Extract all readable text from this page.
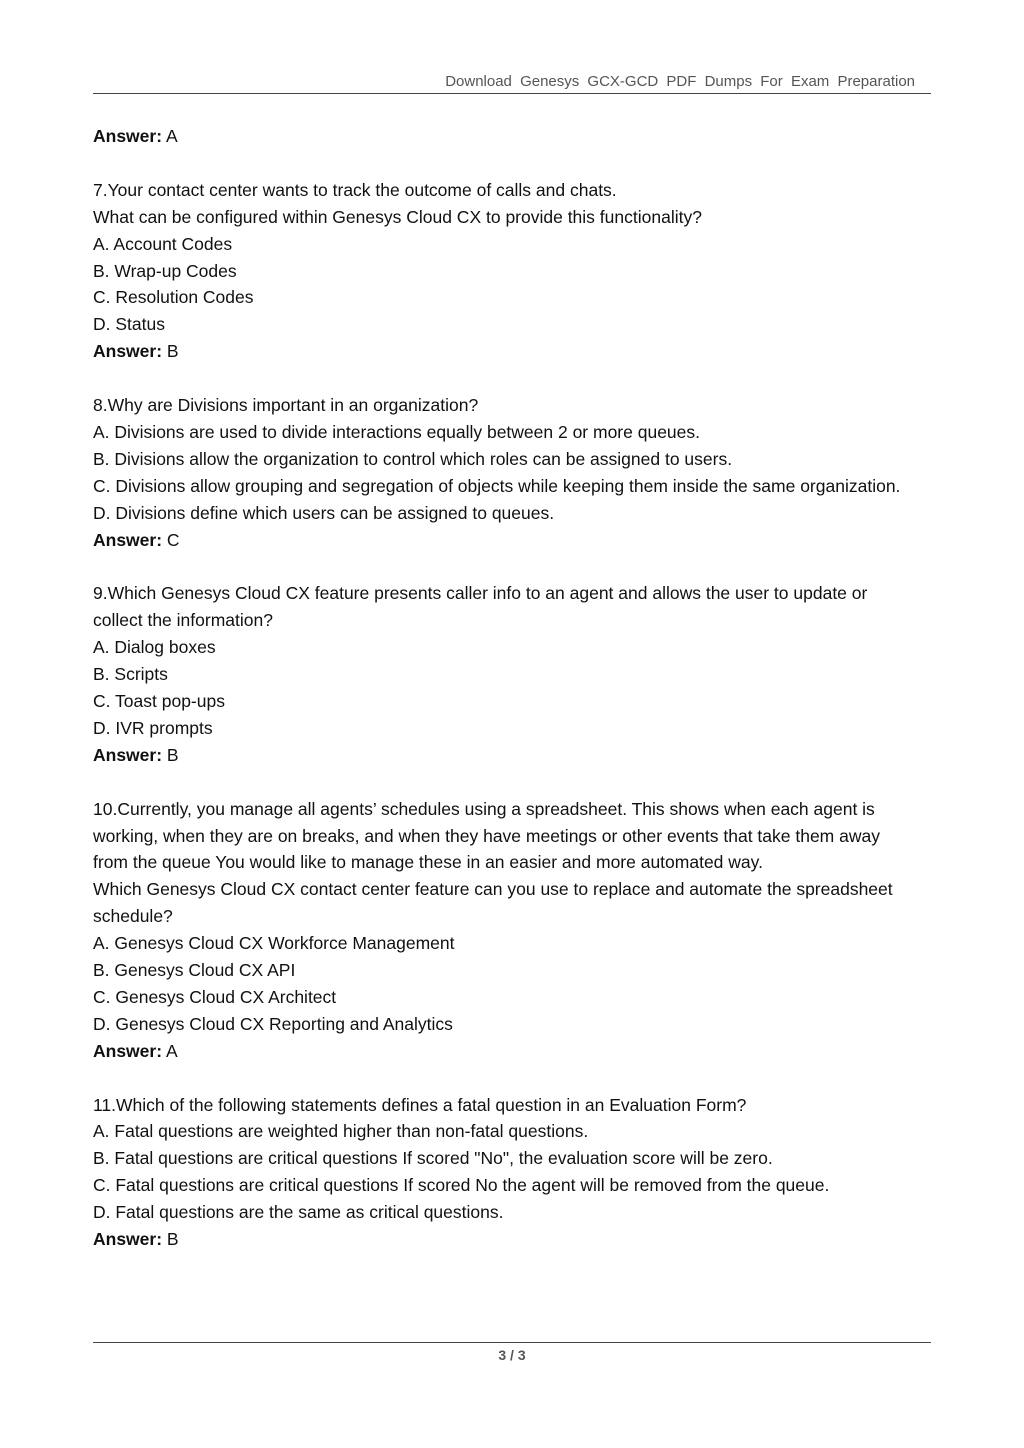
Download Genesys GCX-GCD PDF Dumps For Exam Preparation
Answer: A
7.Your contact center wants to track the outcome of calls and chats.
What can be configured within Genesys Cloud CX to provide this functionality?
A. Account Codes
B. Wrap-up Codes
C. Resolution Codes
D. Status
Answer: B
8.Why are Divisions important in an organization?
A. Divisions are used to divide interactions equally between 2 or more queues.
B. Divisions allow the organization to control which roles can be assigned to users.
C. Divisions allow grouping and segregation of objects while keeping them inside the same organization.
D. Divisions define which users can be assigned to queues.
Answer: C
9.Which Genesys Cloud CX feature presents caller info to an agent and allows the user to update or
collect the information?
A. Dialog boxes
B. Scripts
C. Toast pop-ups
D. IVR prompts
Answer: B
10.Currently, you manage all agents’ schedules using a spreadsheet. This shows when each agent is
working, when they are on breaks, and when they have meetings or other events that take them away
from the queue You would like to manage these in an easier and more automated way.
Which Genesys Cloud CX contact center feature can you use to replace and automate the spreadsheet
schedule?
A. Genesys Cloud CX Workforce Management
B. Genesys Cloud CX API
C. Genesys Cloud CX Architect
D. Genesys Cloud CX Reporting and Analytics
Answer: A
11.Which of the following statements defines a fatal question in an Evaluation Form?
A. Fatal questions are weighted higher than non-fatal questions.
B. Fatal questions are critical questions If scored "No", the evaluation score will be zero.
C. Fatal questions are critical questions If scored No the agent will be removed from the queue.
D. Fatal questions are the same as critical questions.
Answer: B
3 / 3
